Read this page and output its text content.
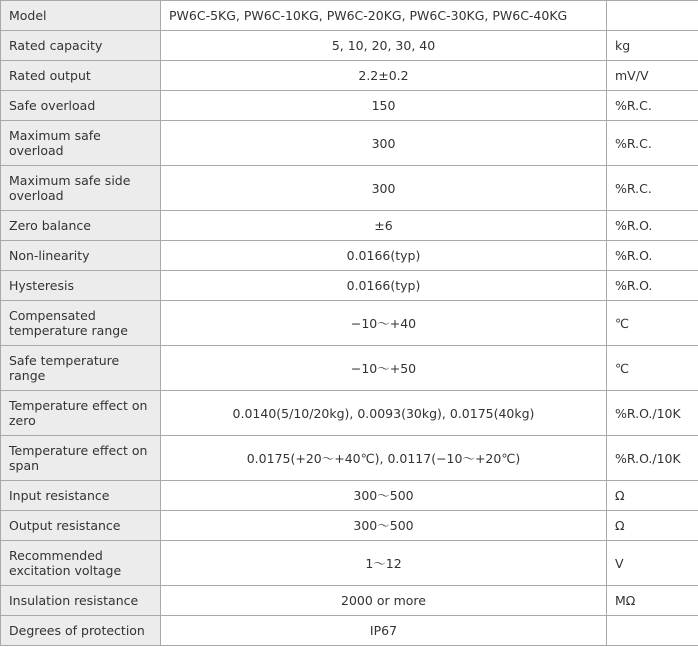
Model	PW6C-5KG, PW6C-10KG, PW6C-20KG, PW6C-30KG, PW6C-40KG	
Rated capacity	5, 10, 20, 30, 40	kg
Rated output	2.2±0.2	mV/V
Safe overload	150	%R.C.
Maximum safe overload	300	%R.C.
Maximum safe side overload	300	%R.C.
Zero balance	±6	%R.O.
Non-linearity	0.0166(typ)	%R.O.
Hysteresis	0.0166(typ)	%R.O.
Compensated temperature range	−10～+40	℃
Safe temperature range	−10～+50	℃
Temperature effect on zero	0.0140(5/10/20kg), 0.0093(30kg), 0.0175(40kg)	%R.O./10K
Temperature effect on span	0.0175(+20～+40℃), 0.0117(−10～+20℃)	%R.O./10K
Input resistance	300～500	Ω
Output resistance	300～500	Ω
Recommended excitation voltage	1～12	V
Insulation resistance	2000 or more	MΩ
Degrees of protection	IP67	
